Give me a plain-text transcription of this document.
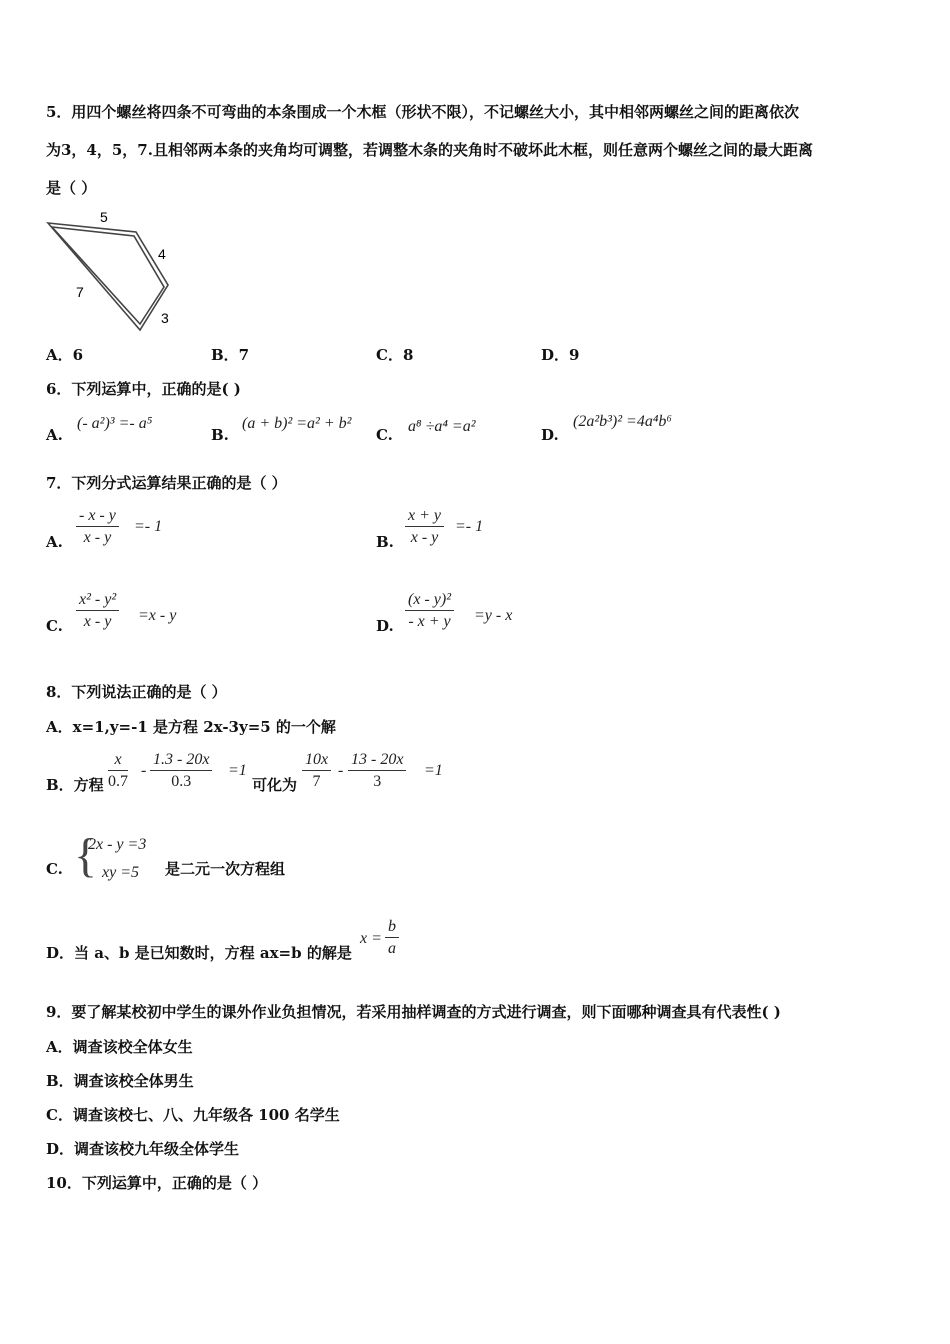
5．用四个螺丝将四条不可弯曲的本条围成一个木框（形状不限），不记螺丝大小，其中相邻两螺丝之间的距离依次
为3，4，5，7.且相邻两本条的夹角均可调整，若调整木条的夹角时不破坏此木框，则任意两个螺丝之间的最大距离
是（ ）
5
4
7
3
A．6	B．7	C．8	D．9
6．下列运算中，正确的是( )
A.
(- a²)³ =- a⁵
B.
(a + b)² =a² + b²
C. a⁸ ÷a⁴ =a²	D.
(2a²b³)² =4a⁴b⁶
7．下列分式运算结果正确的是（ ）
A. $\frac{- x - y}{x - y} =- 1$
B. $\frac{x + y}{x - y} =- 1$
C. $\frac{\text{x² - y²}}{x - y} =x - y$
D. $\frac{\text{(x - y)²}}{- x + y} =y - x$
8．下列说法正确的是（ ）
A．x=1,y=-1 是方程 2x-3y=5 的一个解
B．方程 $\frac{x}{0.7} - \frac{1.3 - 20x}{0.3} =1$
可化为 $\frac{10x}{7} - \frac{13 - 20x}{3} =1$
C. {
2x - y =3
xy =5 是二元一次方程组
D．当 a、b 是已知数时，方程 ax=b 的解是
$x = \frac{b}{a}$
9．要了解某校初中学生的课外作业负担情况，若采用抽样调查的方式进行调查，则下面哪种调查具有代表性( )
A．调查该校全体女生
B．调查该校全体男生
C．调查该校七、八、九年级各 100 名学生
D．调查该校九年级全体学生
10．下列运算中，正确的是（ ）
